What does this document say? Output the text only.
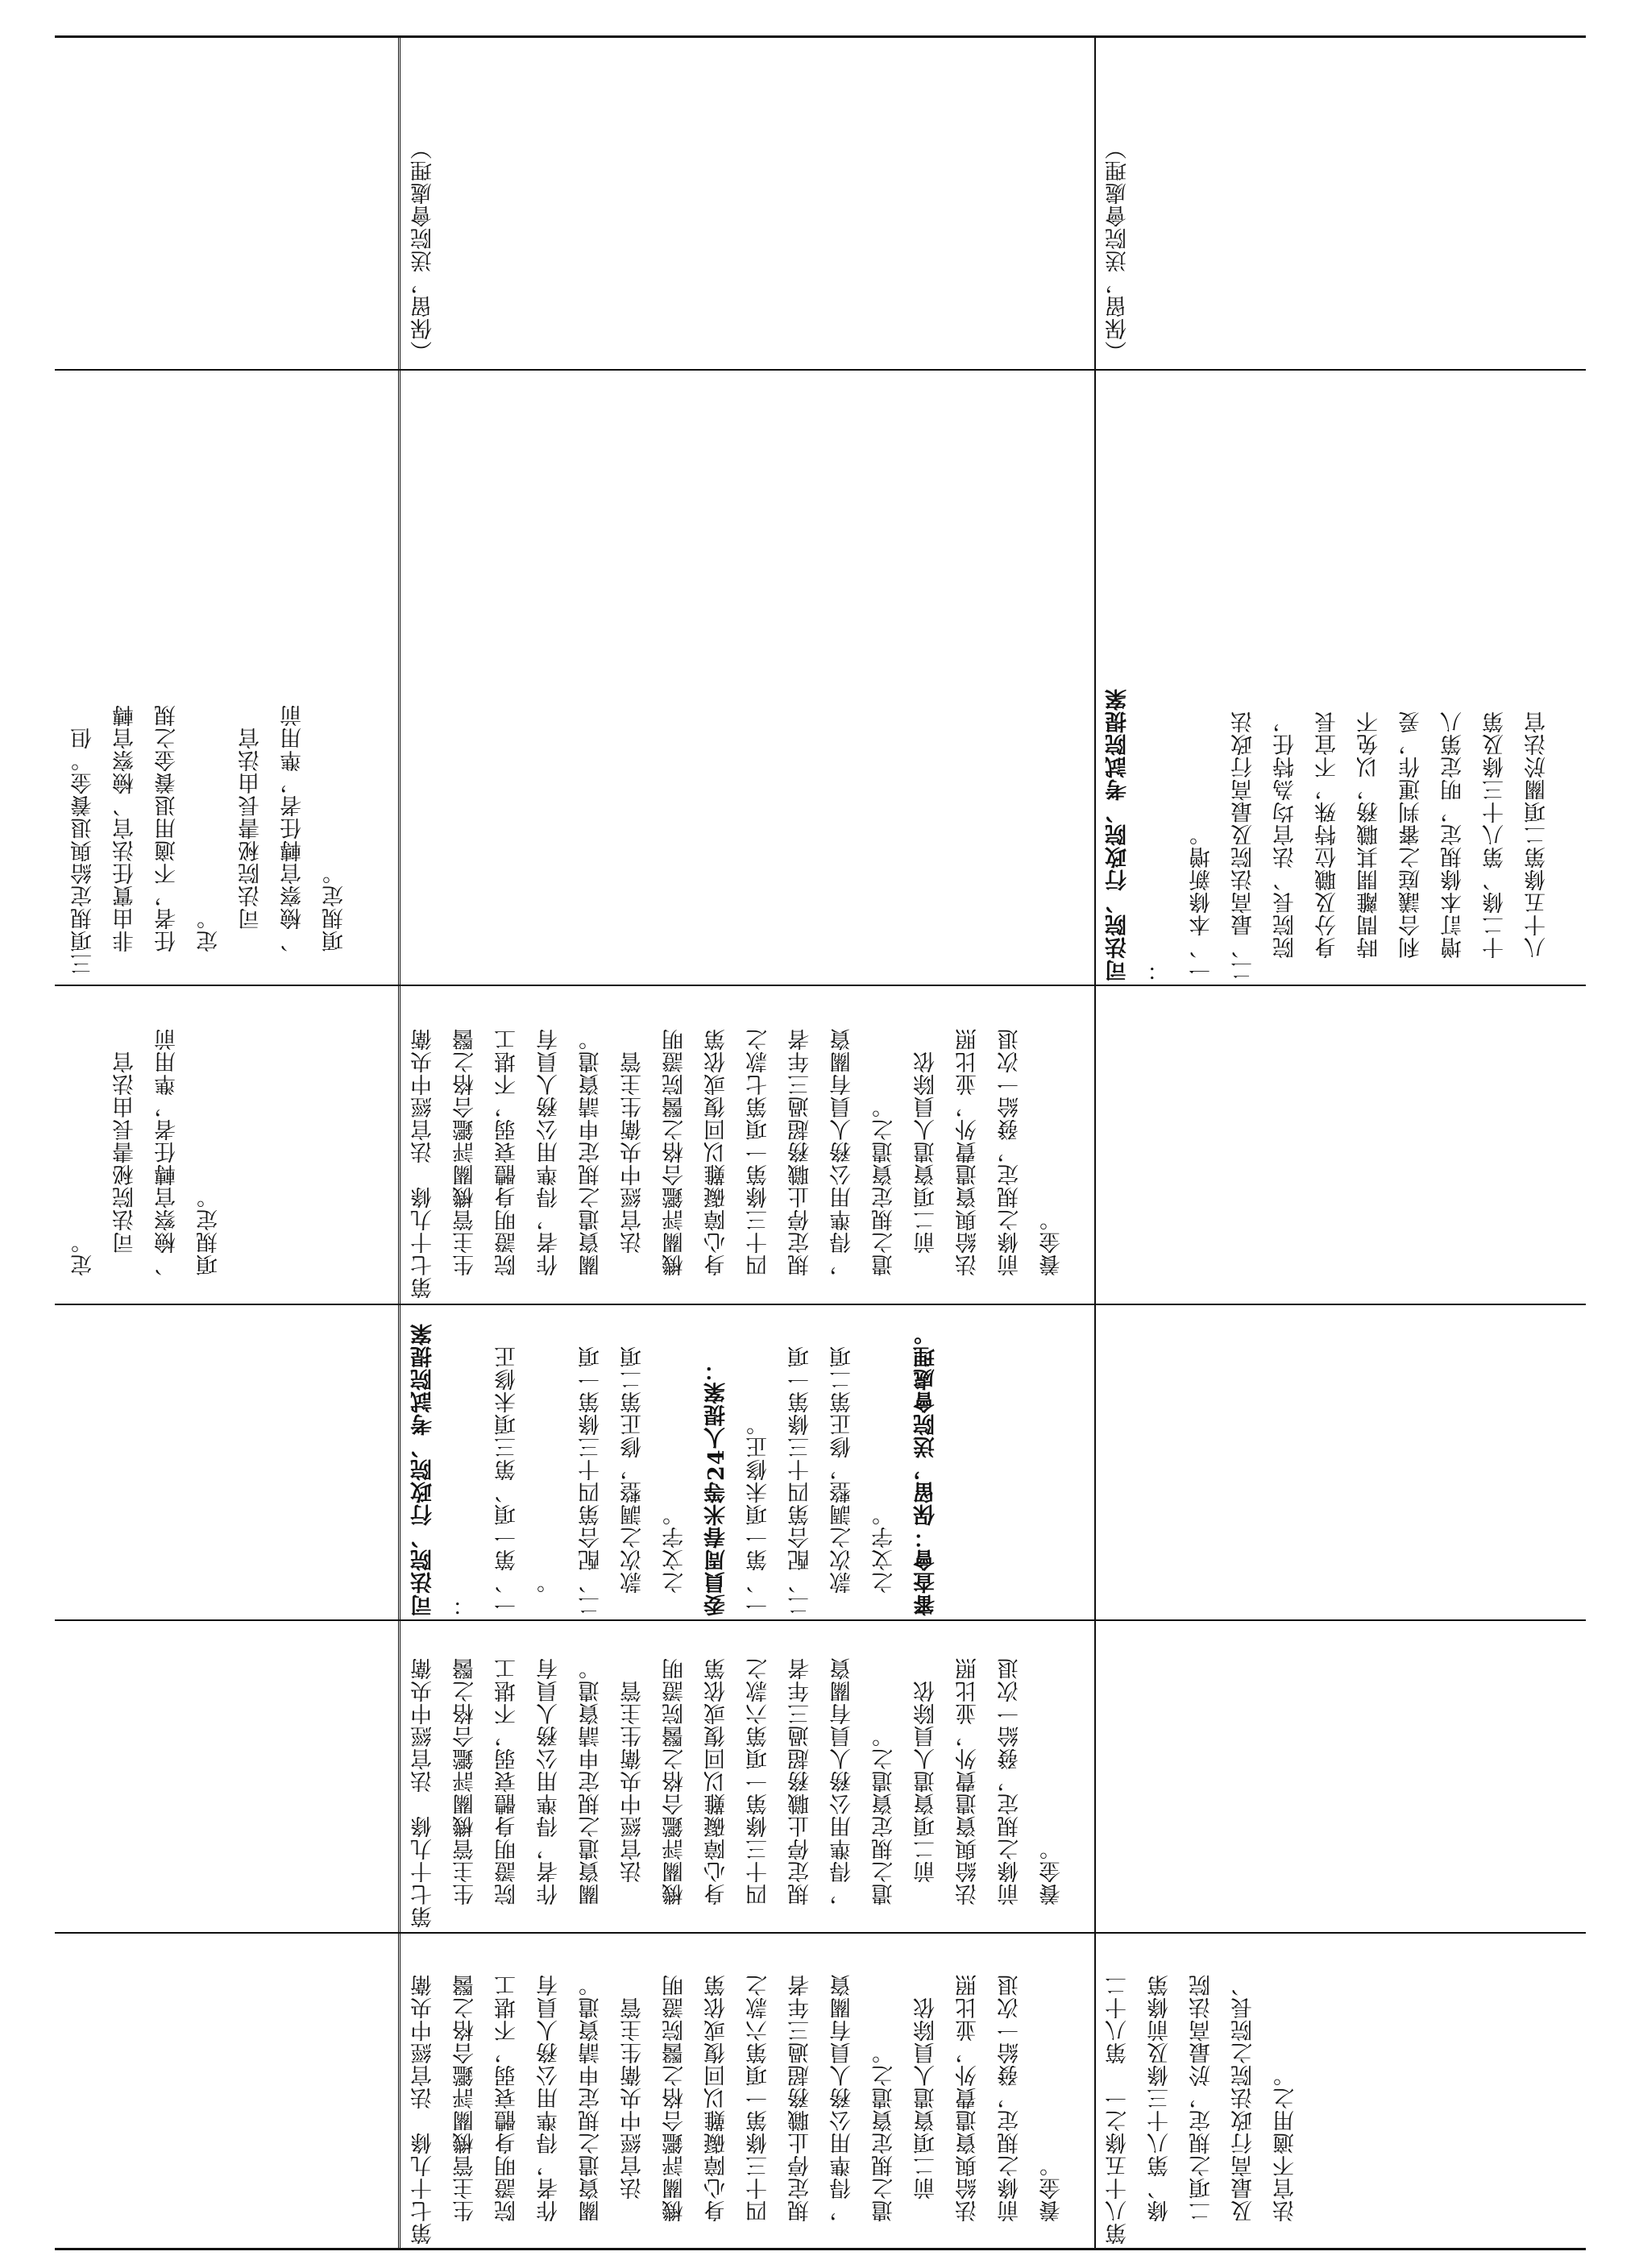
三項規定給與退養金。但 　非由實任法官、檢察官轉 　任者，不適用退養金之規 　定。 　　司法院秘書長由法官 　、檢察官轉任者，準用前 　項規定。
　定。 　　司法院秘書長由法官 　、檢察官轉任者，準用前 　項規定。	第七十九條　法官經中央衛 　生主管機關評鑑合格之醫 　院證明身體衰弱，不堪工 　作者，得準用公務人員有 　關資遣之規定申請資遣。 　　法官經中央衛生主管 　機關評鑑合格之醫院證明 　身心障礙難以回復或依第 　四十三條第一項第七款之 　規定停止職務超過三年者 　，得準用公務人員有關資 　遣之規定資遣之。 　　前二項資遣人員除依 　法給與資遣費外，並比照 　前條之規定，發給一次退 　養金。
司法院、行政院、考試院提案 ： 一、第一項、第三項未修正 　。 二、配合第四十三條第一項 　款次之調整，修正第二項 　之文字。 委員周春米等24人提案： 一、第一項未修正。 二、配合第四十三條第一項 　款次之調整，修正第二項 　之文字。 審查會：保留，送院會處理。
第七十九條　法官經中央衛 　生主管機關評鑑合格之醫 　院證明身體衰弱，不堪工 　作者，得準用公務人員有 　關資遣之規定申請資遣。 　　法官經中央衛生主管 　機關評鑑合格之醫院證明 　身心障礙難以回復或依第 　四十三條第一項第六款之 　規定停止職務超過三年者 　，得準用公務人員有關資 　遣之規定資遣之。 　　前二項資遣人員除依 　法給與資遣費外，並比照 　前條之規定，發給一次退 　養金。
第七十九條　法官經中央衛 　生主管機關評鑑合格之醫 　院證明身體衰弱，不堪工 　作者，得準用公務人員有 　關資遣之規定申請資遣。 　　法官經中央衛生主管 　機關評鑑合格之醫院證明 　身心障礙難以回復或依第 　四十三條第一項第六款之 　規定停止職務超過三年者 　，得準用公務人員有關資 　遣之規定資遣之。 　　前二項資遣人員除依 　法給與資遣費外，並比照 　前條之規定，發給一次退 　養金。
司法院、行政院、考試院提案 ： 一、本條新增。 二、最高法院及最高行政法 　院院長、法官均為特任， 　身分及職位特殊，不宜長 　時間離開其職務，以免不 　利合議庭之審判運作，爰 　增訂本條規定，明定第八 　十二條、第八十三條及第 　八十五條第二項關於法官
第八十五條之一　第八十二 　條、第八十三條及前條第 　二項之規定，於最高法院 　及最高行政法院之院長、 　法官不適用之。
（保留，送院會處理）	（保留，送院會處理）
